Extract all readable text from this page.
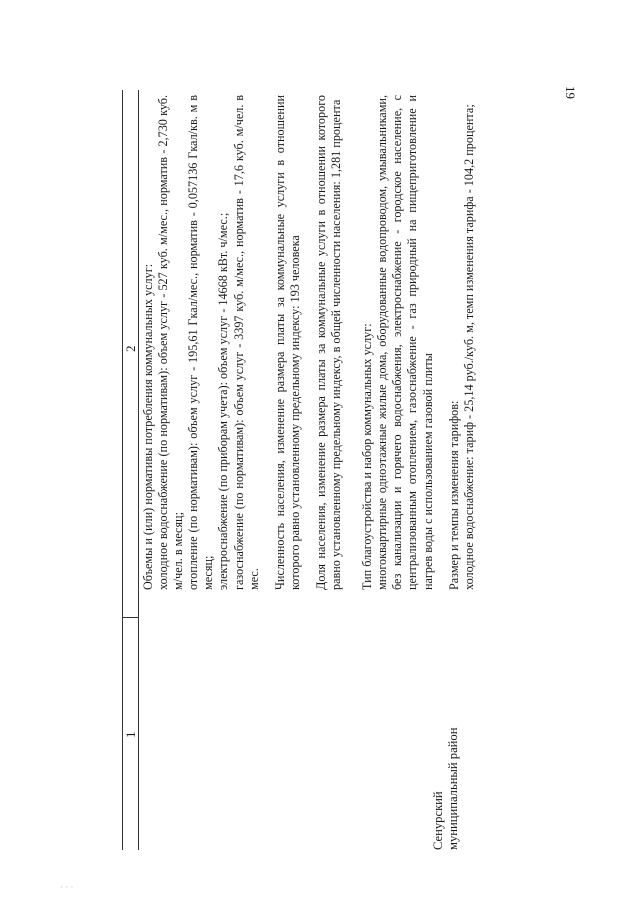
19
1
2
Сенурский муниципальный район

Объемы и (или) нормативы потребления коммунальных услуг: холодное водоснабжение (по нормативам): объем услуг - 527 куб. м/мес., норматив - 2,730 куб. м/чел. в месяц; отопление (по нормативам): объем услуг - 195,61 Гкал/мес., норматив - 0,057136 Гкал/кв. м в месяц; электроснабжение (по приборам учета): объем услуг - 14668 кВт. ч/мес.; газоснабжение (по нормативам): объем услуг - 3397 куб. м/мес., норматив - 17,6 куб. м/чел. в мес. Численность населения, изменение размера платы за коммунальные услуги в отношении которого равно установленному предельному индексу: 193 человека Доля населения, изменение размера платы за коммунальные услуги в отношении которого равно установленному предельному индексу, в общей численности населения: 1,281 процента Тип благоустройства и набор коммунальных услуг: многоквартирные одноэтажные жилые дома, оборудованные водопроводом, умывальниками, без канализации и горячего водоснабжения, электроснабжение - городское население, с централизованным отоплением, газоснабжение - газ природный на пищеприготовление и нагрев воды с использованием газовой плиты Размер и темпы изменения тарифов: холодное водоснабжение: тариф - 25,14 руб./куб. м, темп изменения тарифа - 104,2 процента;

· · ·
